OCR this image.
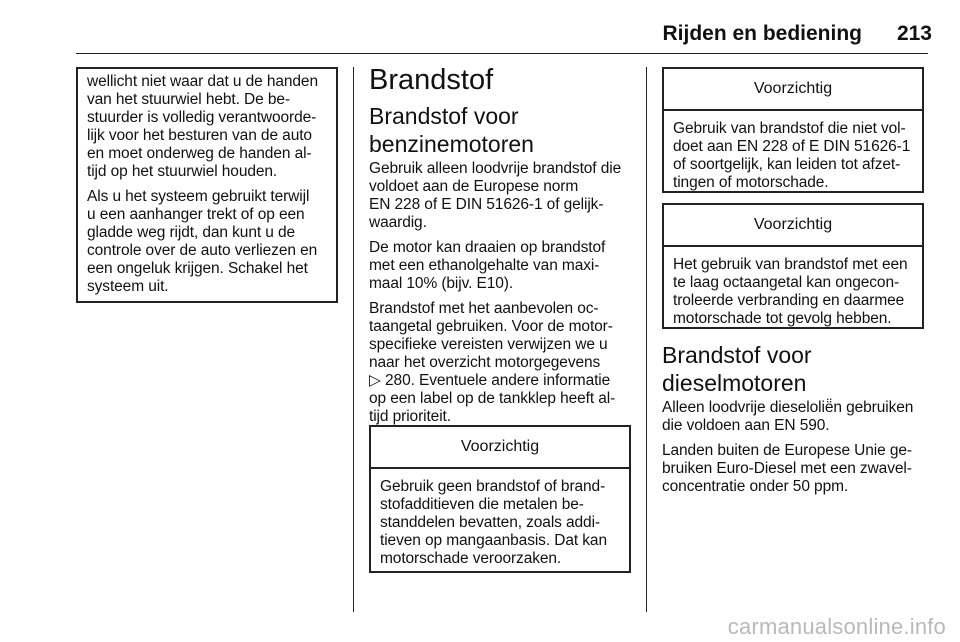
Rijden en bediening	213

wellicht niet waar dat u de handen
van het stuurwiel hebt. De be-
stuurder is volledig verantwoorde-
lijk voor het besturen van de auto
en moet onderweg de handen al-
tijd op het stuurwiel houden.

Als u het systeem gebruikt terwijl
u een aanhanger trekt of op een
gladde weg rijdt, dan kunt u de
controle over de auto verliezen en
een ongeluk krijgen. Schakel het
systeem uit.

Brandstof
Brandstof voor
benzinemotoren

Gebruik alleen loodvrije brandstof die
voldoet aan de Europese norm
EN 228 of E DIN 51626-1 of gelijk-
waardig.

De motor kan draaien op brandstof
met een ethanolgehalte van maxi-
maal 10% (bijv. E10).

Brandstof met het aanbevolen oc-
taangetal gebruiken. Voor de motor-
specifieke vereisten verwijzen we u
naar het overzicht motorgegevens
▷ 280. Eventuele andere informatie
op een label op de tankklep heeft al-
tijd prioriteit.

Voorzichtig

Gebruik geen brandstof of brand-
stofadditieven die metalen be-
standdelen bevatten, zoals addi-
tieven op mangaanbasis. Dat kan
motorschade veroorzaken.

Voorzichtig

Gebruik van brandstof die niet vol-
doet aan EN 228 of E DIN 51626-1
of soortgelijk, kan leiden tot afzet-
tingen of motorschade.

Voorzichtig

Het gebruik van brandstof met een
te laag octaangetal kan ongecon-
troleerde verbranding en daarmee
motorschade tot gevolg hebben.

Brandstof voor
dieselmotoren

Alleen loodvrije dieselolië̈n gebruiken
die voldoen aan EN 590.

Landen buiten de Europese Unie ge-
bruiken Euro-Diesel met een zwavel-
concentratie onder 50 ppm.

carmanualsonline.info
